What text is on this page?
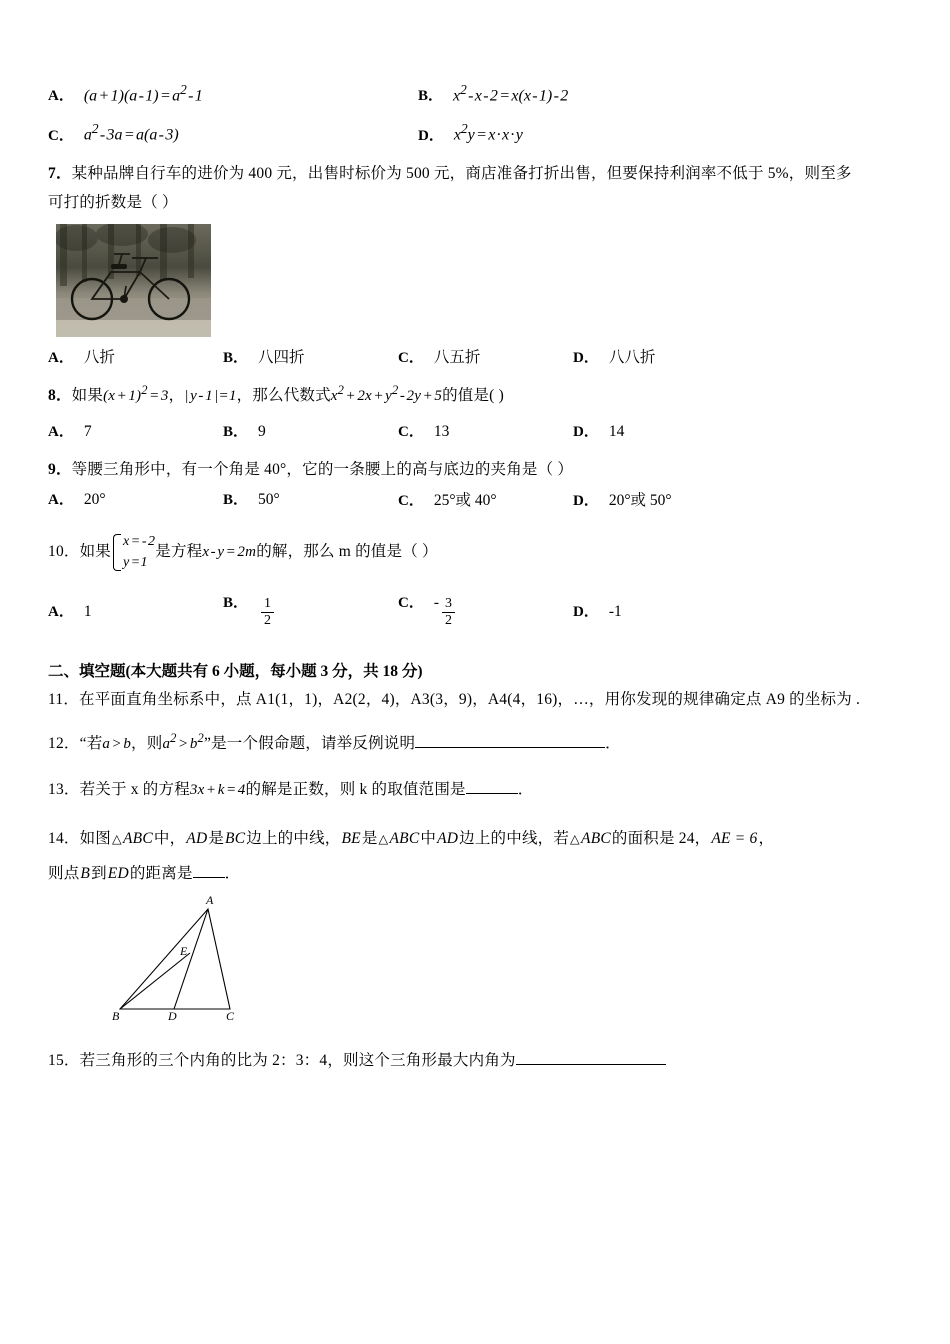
A． (a + 1)(a - 1) = $a^2$ - 1	B． $x^2$ - x - 2 = x(x - 1) - 2
C． $a^2$ - 3a = a(a - 3)	D． $x^2y$ = x · x · y
7．某种品牌自行车的进价为 400 元，出售时标价为 500 元，商店准备打折出售，但要保持利润率不低于 5%，则至多
可打的折数是（ ）
A． 八折	B． 八四折	C． 八五折	D． 八八折
8．如果(x + 1)$^2$ = 3，| y - 1 |=1，那么代数式$x^2$ + 2x + $y^2$ - 2y + 5的值是( )
A． 7	B． 9	C． 13	D． 14
9．等腰三角形中，有一个角是 40°，它的一条腰上的高与底边的夹角是（ ）
A． 20°	B． 50°	C． 25°或 40°	D． 20°或 50°
10．如果
x = - 2
y =1
是方程x - y = 2m的解，那么 m 的值是（ ）
A． 1	B． $\frac{1}{2}$	C． - $\frac{3}{2}$	D． -1
二、填空题(本大题共有 6 小题，每小题 3 分，共 18 分)
11．在平面直角坐标系中，点 A1(1，1)，A2(2，4)，A3(3，9)，A4(4，16)，…，用你发现的规律确定点 A9 的坐标为 .
12．“若a > b，则$a^2$ > $b^2$”是一个假命题，请举反例说明	．
13．若关于 x 的方程3x + k = 4的解是正数，则 k 的取值范围是	．
14．如图 △ ABC中，AD是BC边上的中线，BE是 △ ABC中AD边上的中线，若 △ ABC的面积是 24，AE = 6，
则点B到ED的距离是 ．
A
E
B	D	C
15．若三角形的三个内角的比为 2：3：4，则这个三角形最大内角为
